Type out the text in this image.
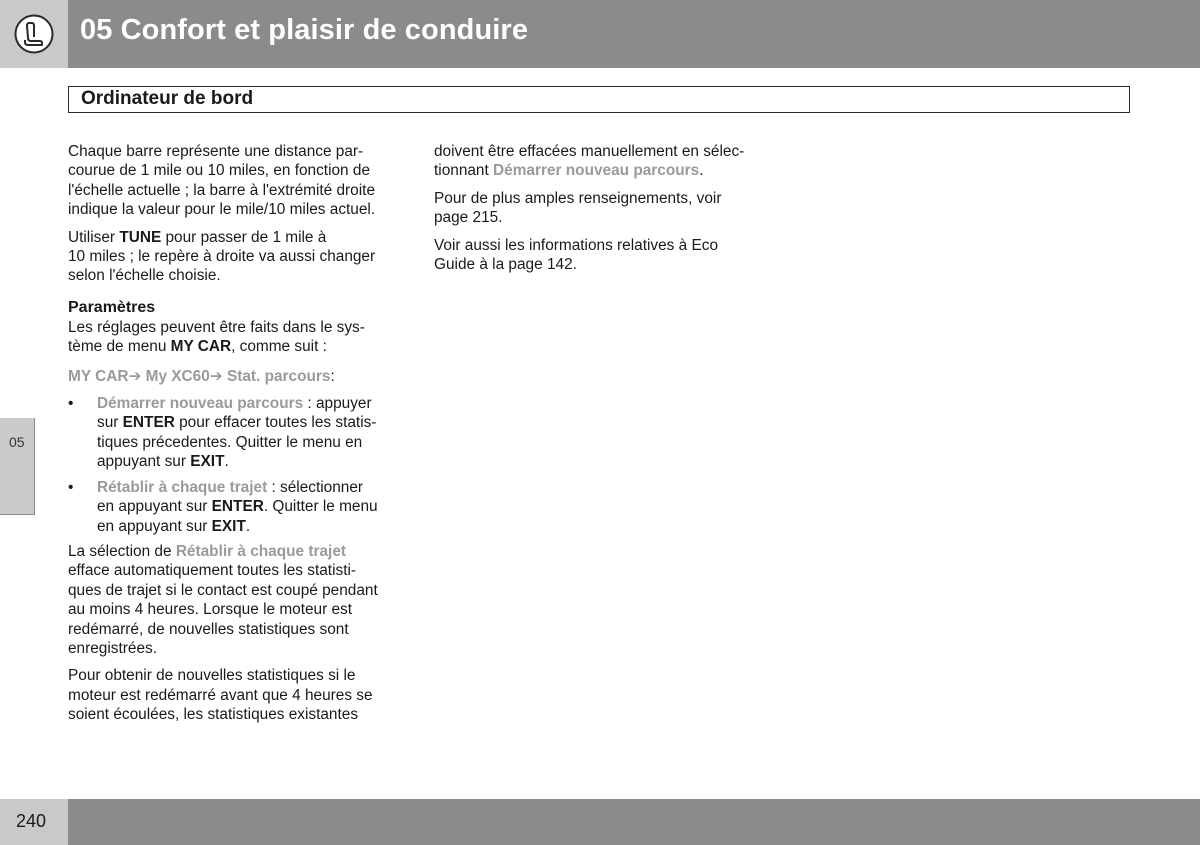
05 Confort et plaisir de conduire
Ordinateur de bord
05

Chaque barre représente une distance par-
courue de 1 mile ou 10 miles, en fonction de
l'échelle actuelle ; la barre à l'extrémité droite
indique la valeur pour le mile/10 miles actuel.

Utiliser TUNE pour passer de 1 mile à
10 miles ; le repère à droite va aussi changer
selon l'échelle choisie.

Paramètres

Les réglages peuvent être faits dans le sys-
tème de menu MY CAR, comme suit :

MY CAR➔ My XC60➔ Stat. parcours:

• Démarrer nouveau parcours : appuyer
sur ENTER pour effacer toutes les statis-
tiques précedentes. Quitter le menu en
appuyant sur EXIT.
• Rétablir à chaque trajet : sélectionner
en appuyant sur ENTER. Quitter le menu
en appuyant sur EXIT.

La sélection de Rétablir à chaque trajet
efface automatiquement toutes les statisti-
ques de trajet si le contact est coupé pendant
au moins 4 heures. Lorsque le moteur est
redémarré, de nouvelles statistiques sont
enregistrées.

Pour obtenir de nouvelles statistiques si le
moteur est redémarré avant que 4 heures se
soient écoulées, les statistiques existantes

doivent être effacées manuellement en sélec-
tionnant Démarrer nouveau parcours.

Pour de plus amples renseignements, voir
page 215.

Voir aussi les informations relatives à Eco
Guide à la page 142.

240
